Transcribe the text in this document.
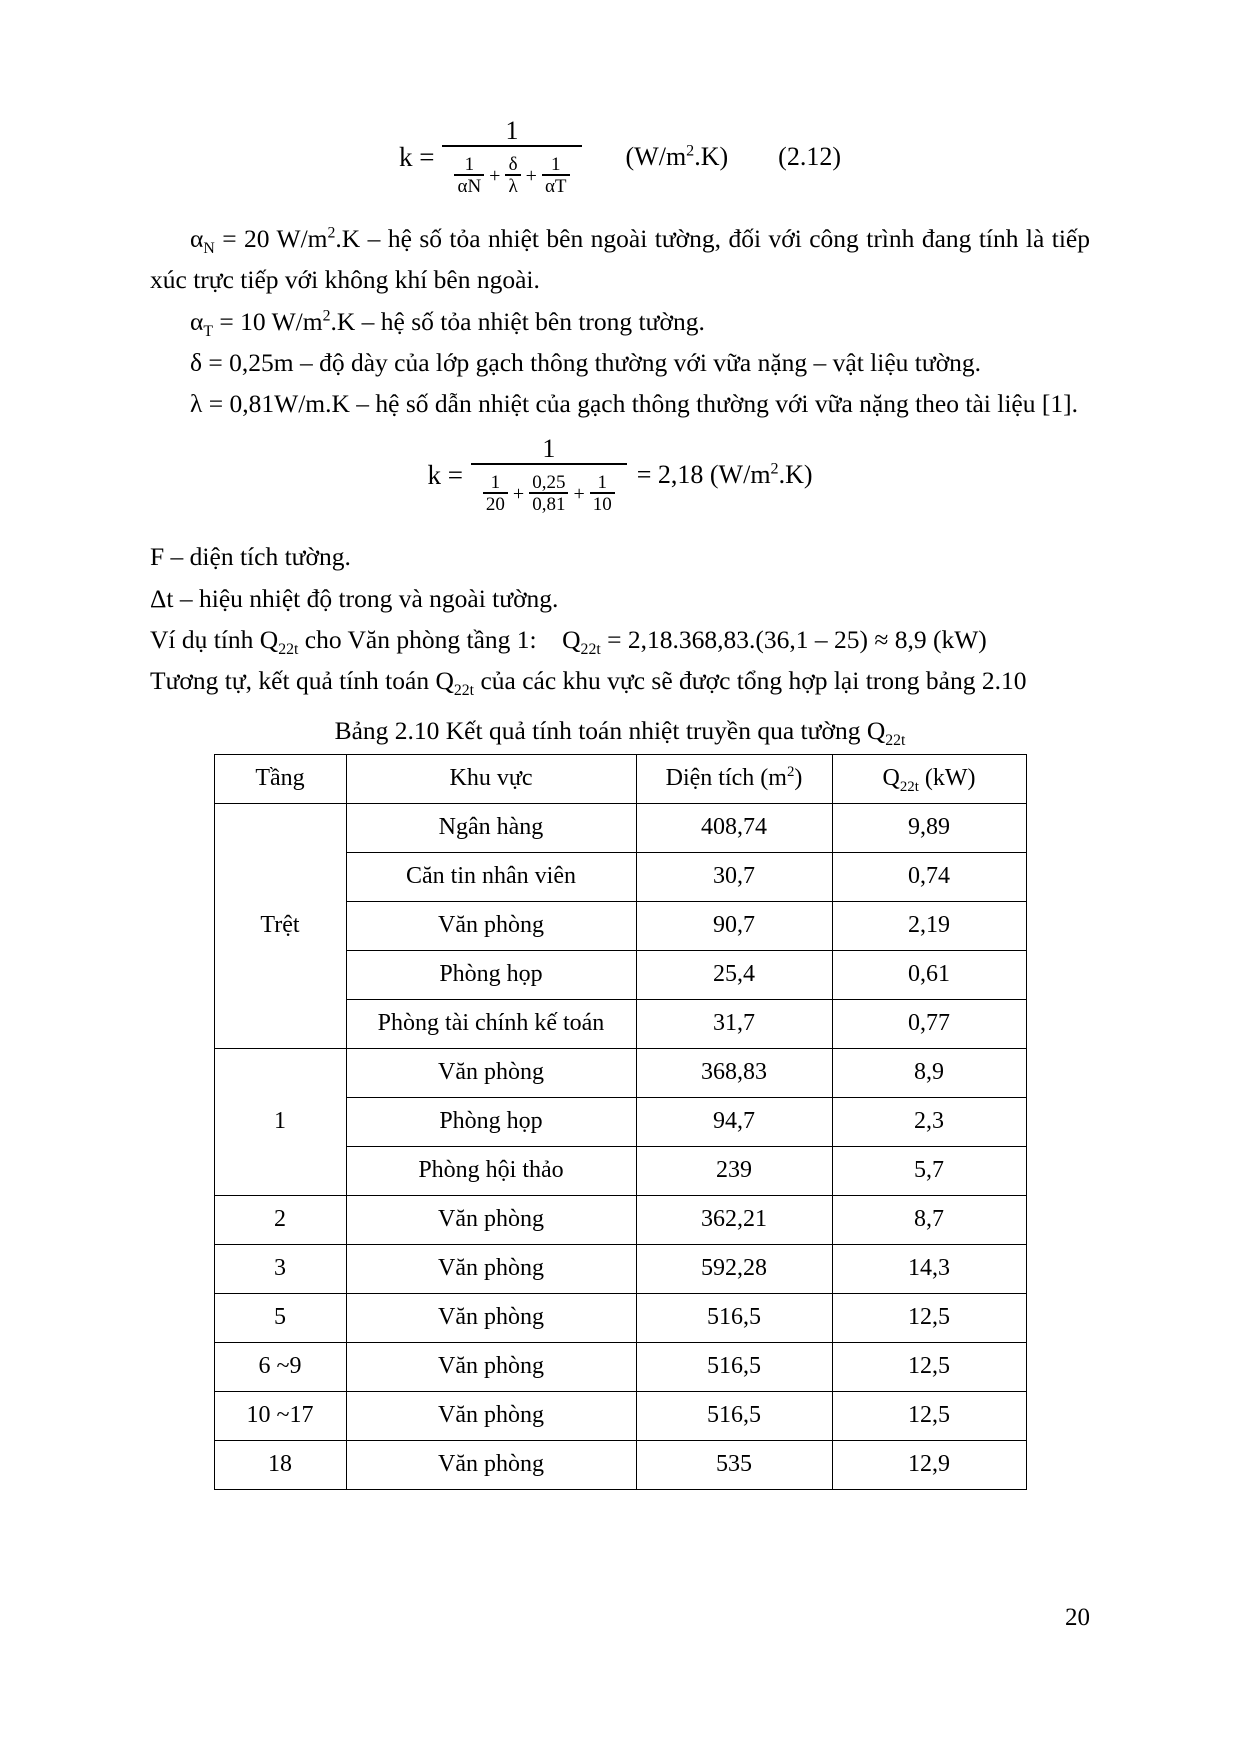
k =
1
$\frac{1}{\alpha N} + \frac{\delta}{\lambda} + \frac{1}{\alpha T}$	$(W/m^2.K)$	(2.12)

$\alpha_N = 20$ $W/m^2.K$ – hệ số tỏa nhiệt bên ngoài tường, đối với công trình đang tính là tiếp xúc trực tiếp với không khí bên ngoài.

$\alpha_T = 10$ $W/m^2.K$ – hệ số tỏa nhiệt bên trong tường.

δ = 0,25m – độ dày của lớp gạch thông thường với vữa nặng – vật liệu tường.

λ = 0,81W/m.K – hệ số dẫn nhiệt của gạch thông thường với vữa nặng theo tài liệu [1].

k =
1
$\frac{1}{20} + \frac{0,25}{0,81} + \frac{1}{10} = 2,18$ $(W/m^2.K)$

F – diện tích tường.

Δt – hiệu nhiệt độ trong và ngoài tường.

Ví dụ tính $Q_{22t}$ cho Văn phòng tầng 1: $Q_{22t} = 2,18.368,83.(36,1 - 25) \approx 8,9$ (kW)

Tương tự, kết quả tính toán $Q_{22t}$ của các khu vực sẽ được tổng hợp lại trong bảng 2.10

Bảng 2.10 Kết quả tính toán nhiệt truyền qua tường $Q_{22t}$
Tầng	Khu vực	Diện tích $(m^2)$	$Q_{22t}$ (kW)
Trệt	Ngân hàng	408,74	9,89
	Căn tin nhân viên	30,7	0,74
	Văn phòng	90,7	2,19
	Phòng họp	25,4	0,61
	Phòng tài chính kế toán	31,7	0,77
1	Văn phòng	368,83	8,9
	Phòng họp	94,7	2,3
	Phòng hội thảo	239	5,7
2	Văn phòng	362,21	8,7
3	Văn phòng	592,28	14,3
5	Văn phòng	516,5	12,5
6 ~9	Văn phòng	516,5	12,5
10 ~17	Văn phòng	516,5	12,5
18	Văn phòng	535	12,9
20
